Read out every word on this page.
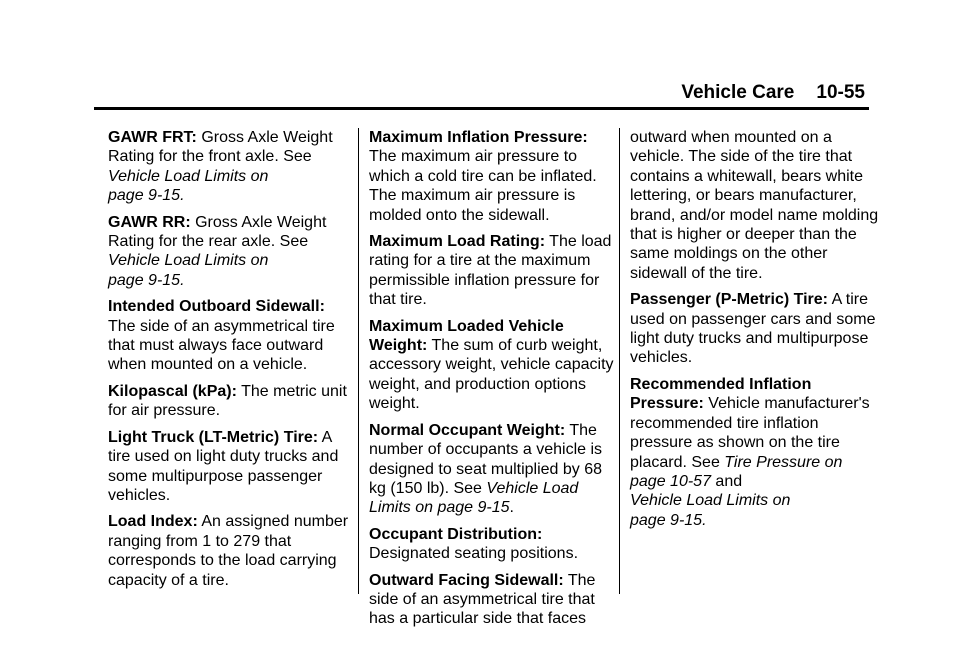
Vehicle Care 10-55

GAWR FRT: Gross Axle Weight Rating for the front axle. See
Vehicle Load Limits on
page 9-15.

GAWR RR: Gross Axle Weight Rating for the rear axle. See
Vehicle Load Limits on
page 9-15.

Intended Outboard Sidewall:
The side of an asymmetrical tire that must always face outward when mounted on a vehicle.

Kilopascal (kPa): The metric unit for air pressure.

Light Truck (LT-Metric) Tire: A tire used on light duty trucks and some multipurpose passenger vehicles.

Load Index: An assigned number ranging from 1 to 279 that corresponds to the load carrying capacity of a tire.

Maximum Inflation Pressure:
The maximum air pressure to which a cold tire can be inflated. The maximum air pressure is molded onto the sidewall.

Maximum Load Rating: The load rating for a tire at the maximum permissible inflation pressure for that tire.

Maximum Loaded Vehicle Weight: The sum of curb weight, accessory weight, vehicle capacity weight, and production options weight.

Normal Occupant Weight: The number of occupants a vehicle is designed to seat multiplied by 68 kg (150 lb). See Vehicle Load Limits on page 9-15.

Occupant Distribution:
Designated seating positions.

Outward Facing Sidewall: The side of an asymmetrical tire that has a particular side that faces

outward when mounted on a vehicle. The side of the tire that contains a whitewall, bears white lettering, or bears manufacturer, brand, and/or model name molding that is higher or deeper than the same moldings on the other sidewall of the tire.

Passenger (P-Metric) Tire: A tire used on passenger cars and some light duty trucks and multipurpose vehicles.

Recommended Inflation Pressure: Vehicle manufacturer's recommended tire inflation pressure as shown on the tire placard. See Tire Pressure on page 10-57 and
Vehicle Load Limits on
page 9-15.
